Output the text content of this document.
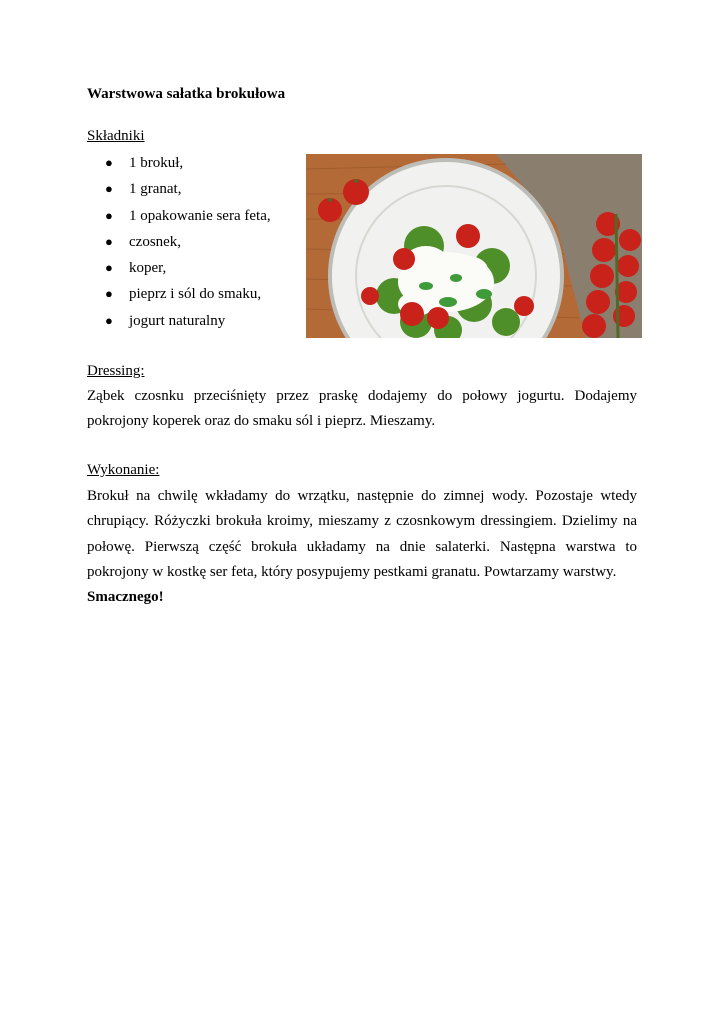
Warstwowa sałatka brokułowa
Składniki
● 1 brokuł,
● 1 granat,
● 1 opakowanie sera feta,
● czosnek,
● koper,
● pieprz i sól do smaku,
● jogurt naturalny
Dressing:
Ząbek czosnku przeciśnięty przez praskę dodajemy do połowy jogurtu. Dodajemy pokrojony koperek oraz do smaku sól i pieprz. Mieszamy.
Wykonanie:
Brokuł na chwilę wkładamy do wrzątku, następnie do zimnej wody. Pozostaje wtedy chrupiący. Różyczki brokuła kroimy, mieszamy z czosnkowym dressingiem. Dzielimy na połowę. Pierwszą część brokuła układamy na dnie salaterki. Następna warstwa to pokrojony w kostkę ser feta, który posypujemy pestkami granatu. Powtarzamy warstwy.
Smacznego!
